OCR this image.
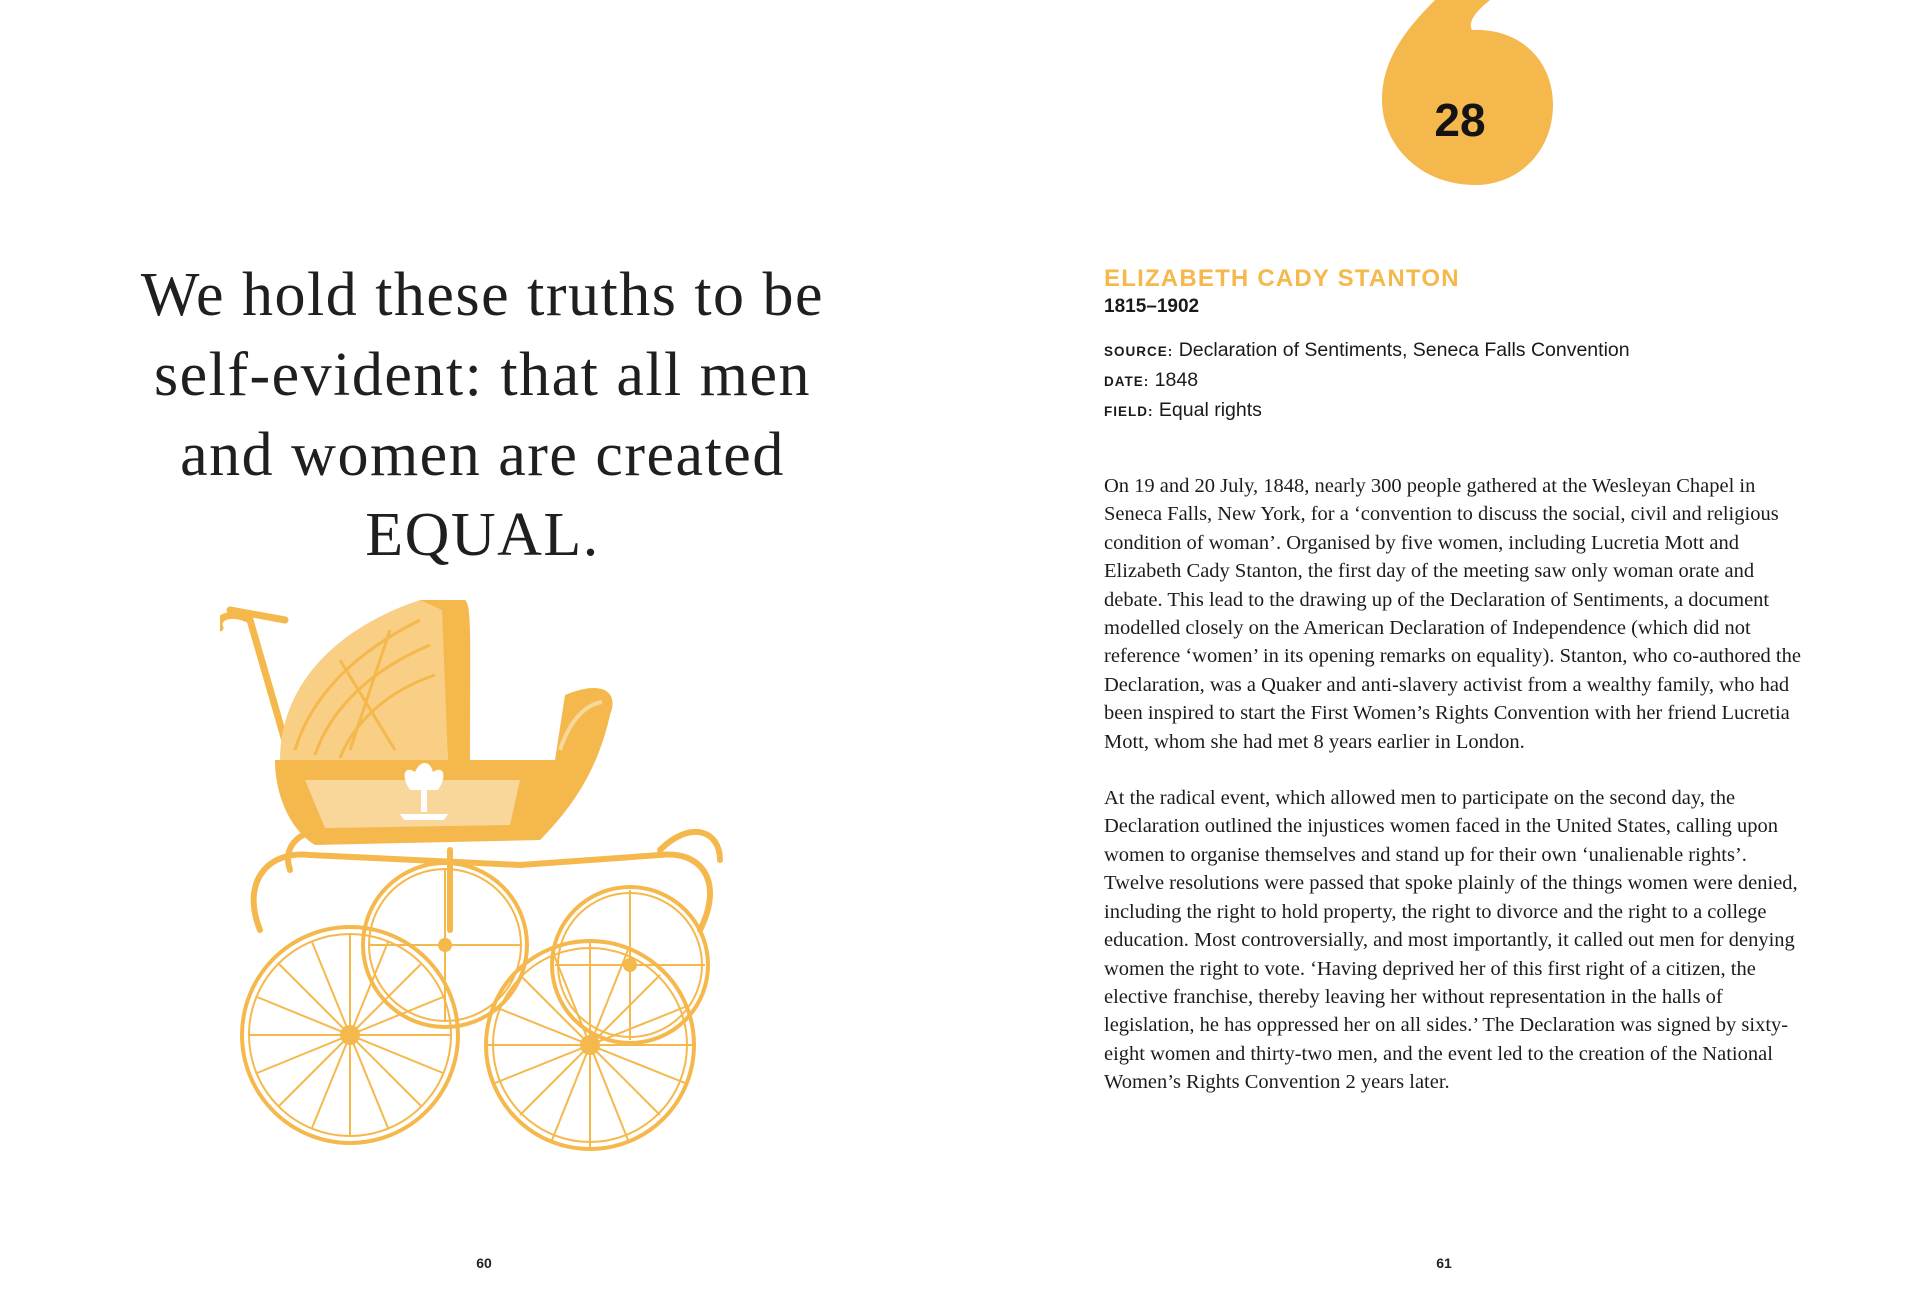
We hold these truths to be self-evident: that all men and women are created EQUAL.
60
28
ELIZABETH CADY STANTON
1815–1902
SOURCE: Declaration of Sentiments, Seneca Falls Convention
DATE: 1848
FIELD: Equal rights

On 19 and 20 July, 1848, nearly 300 people gathered at the Wesleyan Chapel in Seneca Falls, New York, for a ‘convention to discuss the social, civil and religious condition of woman’. Organised by five women, including Lucretia Mott and Elizabeth Cady Stanton, the first day of the meeting saw only woman orate and debate. This lead to the drawing up of the Declaration of Sentiments, a document modelled closely on the American Declaration of Independence (which did not reference ‘women’ in its opening remarks on equality). Stanton, who co-authored the Declaration, was a Quaker and anti-slavery activist from a wealthy family, who had been inspired to start the First Women’s Rights Convention with her friend Lucretia Mott, whom she had met 8 years earlier in London.

At the radical event, which allowed men to participate on the second day, the Declaration outlined the injustices women faced in the United States, calling upon women to organise themselves and stand up for their own ‘unalienable rights’. Twelve resolutions were passed that spoke plainly of the things women were denied, including the right to hold property, the right to divorce and the right to a college education. Most controversially, and most importantly, it called out men for denying women the right to vote. ‘Having deprived her of this first right of a citizen, the elective franchise, thereby leaving her without representation in the halls of legislation, he has oppressed her on all sides.’ The Declaration was signed by sixty-eight women and thirty-two men, and the event led to the creation of the National Women’s Rights Convention 2 years later.

61
